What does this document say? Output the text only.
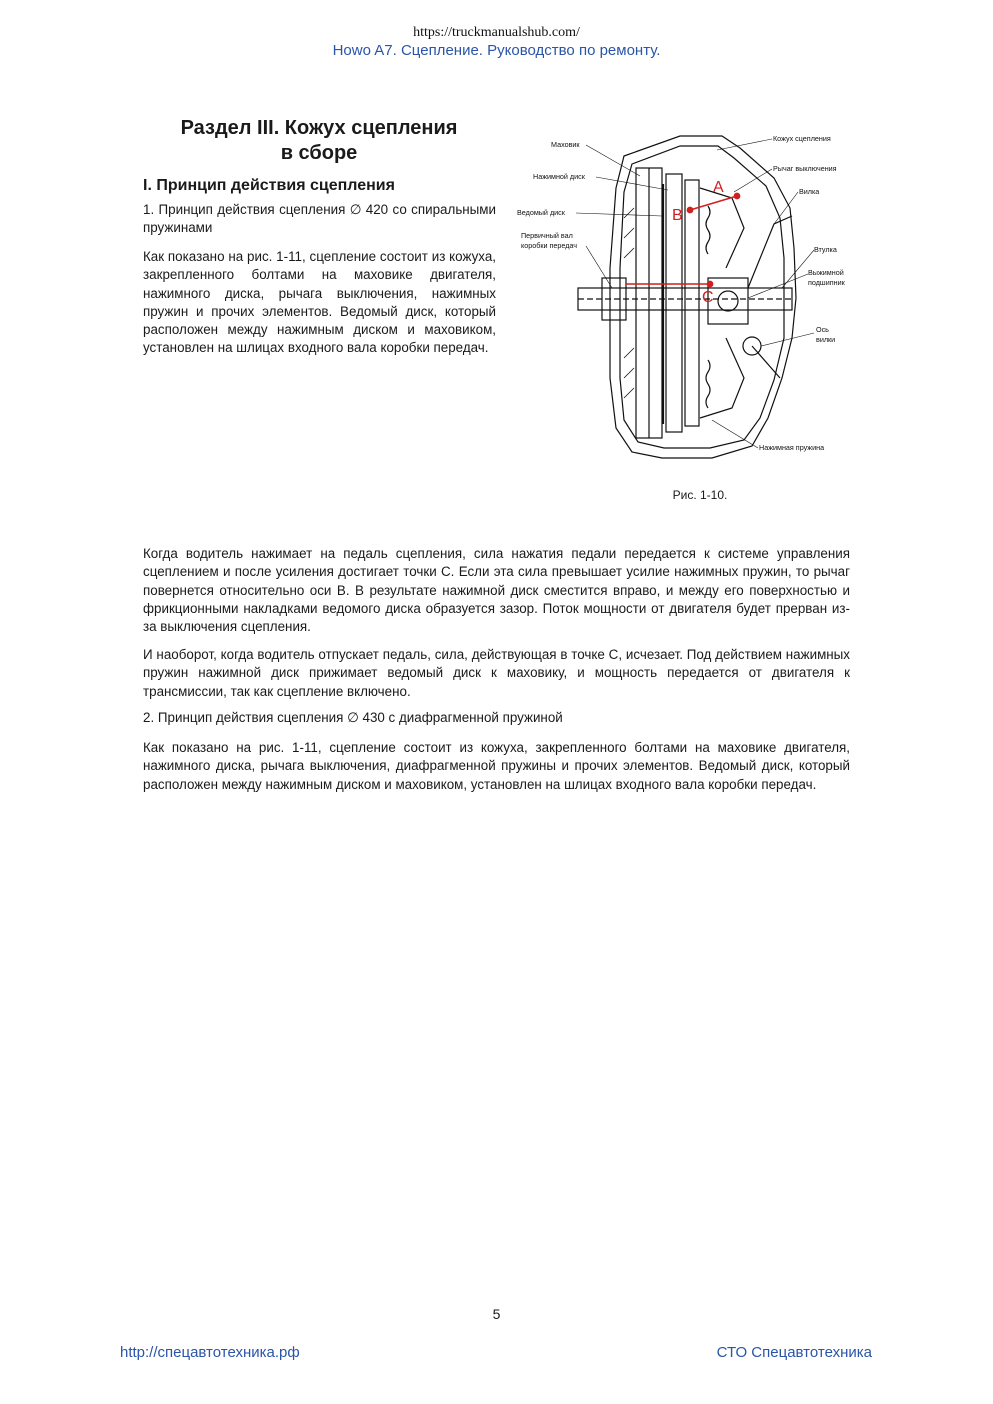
https://truckmanualshub.com/
Howo A7. Сцепление. Руководство по ремонту.
Раздел III. Кожух сцепления
в сборе
I. Принцип действия сцепления
1. Принцип действия сцепления ∅ 420 со спиральными пружинами
Как показано на рис. 1-11, сцепление состоит из кожуха, закрепленного болтами на маховике двигателя, нажимного диска, рычага выключения, нажимных пружин и прочих элементов. Ведомый диск, который расположен между нажимным диском и маховиком, установлен на шлицах входного вала коробки передач.
A
B
C
Маховик
Нажимной диск
Ведомый диск
Первичный вал
коробки передач
Кожух сцепления
Рычаг выключения
Вилка
Втулка
Выжимной
подшипник
Ось
вилки
Нажимная пружина
Рис. 1-10.
Когда водитель нажимает на педаль сцепления, сила нажатия педали передается к системе управления сцеплением и после усиления достигает точки C. Если эта сила превышает усилие нажимных пружин, то рычаг повернется относительно оси B. В результате нажимной диск сместится вправо, и между его поверхностью и фрикционными накладками ведомого диска образуется зазор. Поток мощности от двигателя будет прерван из-за выключения сцепления.
И наоборот, когда водитель отпускает педаль, сила, действующая в точке C, исчезает. Под действием нажимных пружин нажимной диск прижимает ведомый диск к маховику, и мощность передается от двигателя к трансмиссии, так как сцепление включено.
2. Принцип действия сцепления ∅ 430 с диафрагменной пружиной
Как показано на рис. 1-11, сцепление состоит из кожуха, закрепленного болтами на маховике двигателя, нажимного диска, рычага выключения, диафрагменной пружины и прочих элементов. Ведомый диск, который расположен между нажимным диском и маховиком, установлен на шлицах входного вала коробки передач.
5
http://спецавтотехника.рф	СТО Спецавтотехника
